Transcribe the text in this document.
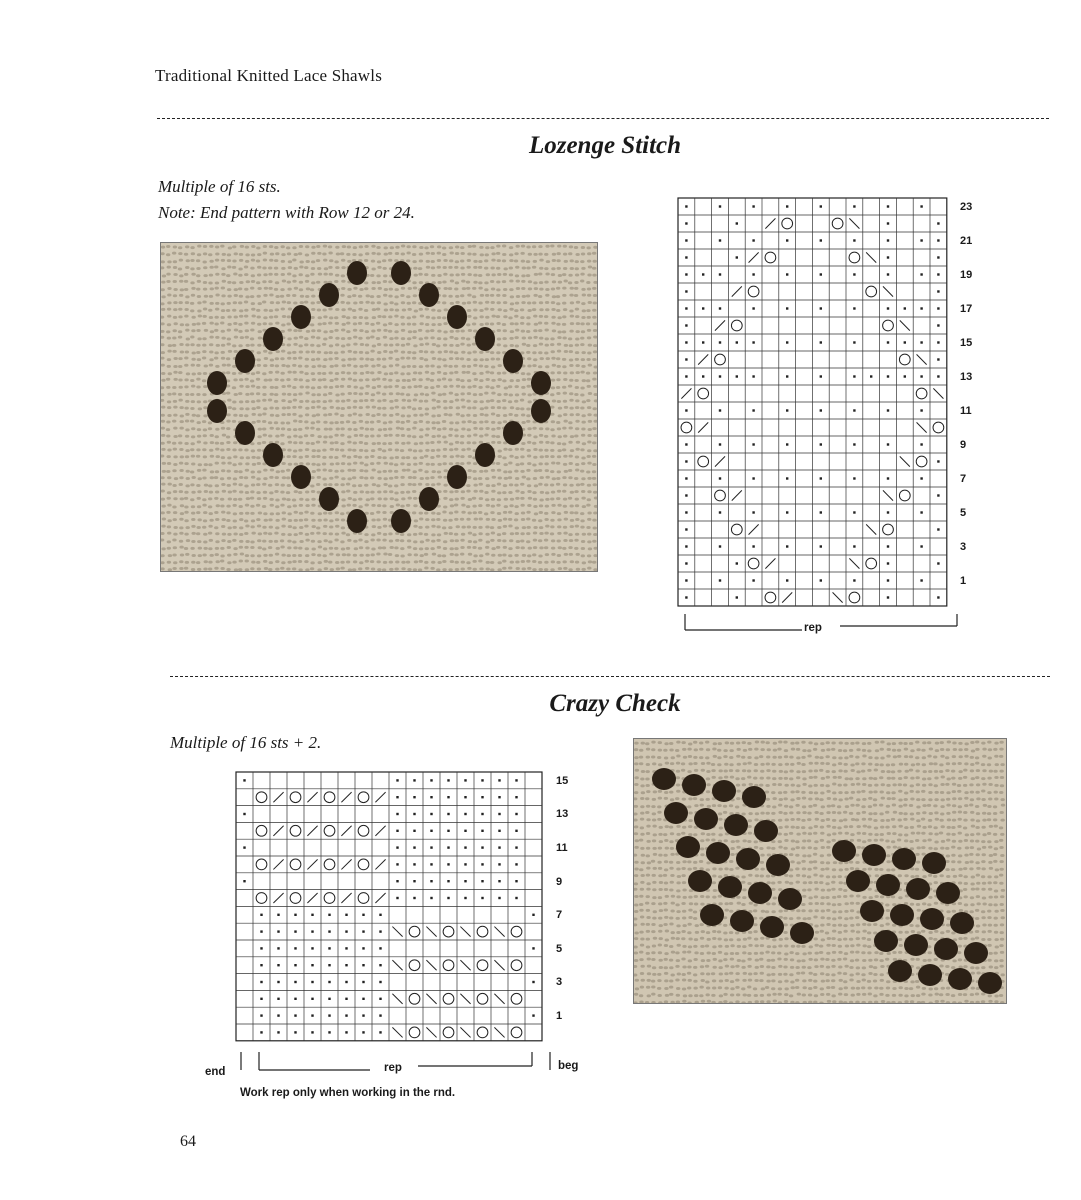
Traditional Knitted Lace Shawls
Lozenge Stitch
Multiple of 16 sts.
Note: End pattern with Row 12 or 24.	23
21
19
17
15
13
11
9
7
5
3
1
rep
Crazy Check
Multiple of 16 sts + 2.
15
13
11
9
7
5
3
1
end	rep	beg
Work rep only when working in the rnd.
64
